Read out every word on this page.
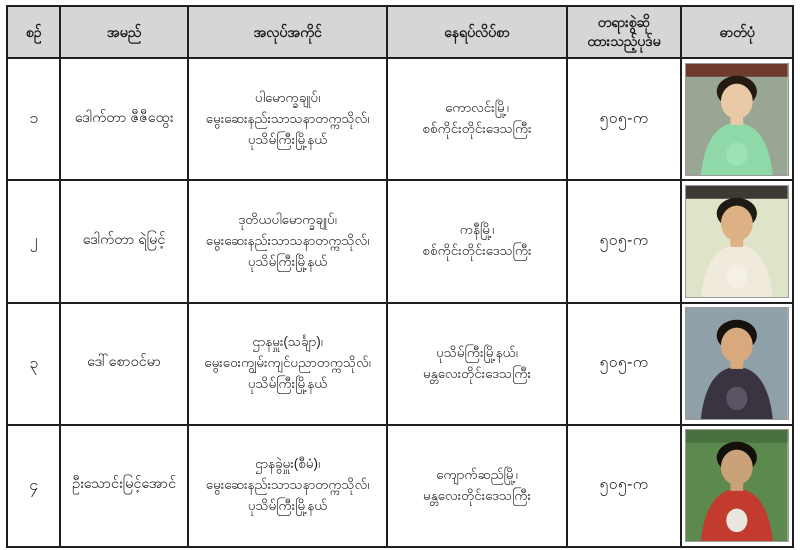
စဉ်	အမည်	အလုပ်အကိုင်	နေရပ်လိပ်စာ	တရားစွဲဆို
ထားသည့်ပုဒ်မ	ဓာတ်ပုံ
၁	ဒေါက်တာ ဇီဇီထွေး	ပါမောက္ခချုပ်၊
မွေးဆေးနည်းသာသနာတက္ကသိုလ်၊
ပုသိမ်ကြီးမြို့နယ်	ကောလင်းမြို့၊
စစ်ကိုင်းတိုင်းဒေသကြီး	၅၀၅-က	

၂	ဒေါက်တာ ရဲမြင့်	ဒုတိယပါမောက္ခချုပ်၊
မွေးဆေးနည်းသာသနာတက္ကသိုလ်၊
ပုသိမ်ကြီးမြို့နယ်	ကနီမြို့၊
စစ်ကိုင်းတိုင်းဒေသကြီး	၅၀၅-က	

၃	ဒေါ်စောဝင်မာ	ဌာနမှူး(သင်္ချာ)၊
မွေးဝေးကျွမ်းကျင်ပညာတက္ကသိုလ်၊
ပုသိမ်ကြီးမြို့နယ်	ပုသိမ်ကြီးမြို့နယ်၊
မန္တလေးတိုင်းဒေသကြီး	၅၀၅-က	

၄	ဦးသောင်းမြင့်အောင်	ဌာနခွဲမှူး(စီမံ)၊
မွေးဆေးနည်းသာသနာတက္ကသိုလ်၊
ပုသိမ်ကြီးမြို့နယ်	ကျောက်ဆည်မြို့၊
မန္တလေးတိုင်းဒေသကြီး	၅၀၅-က	
